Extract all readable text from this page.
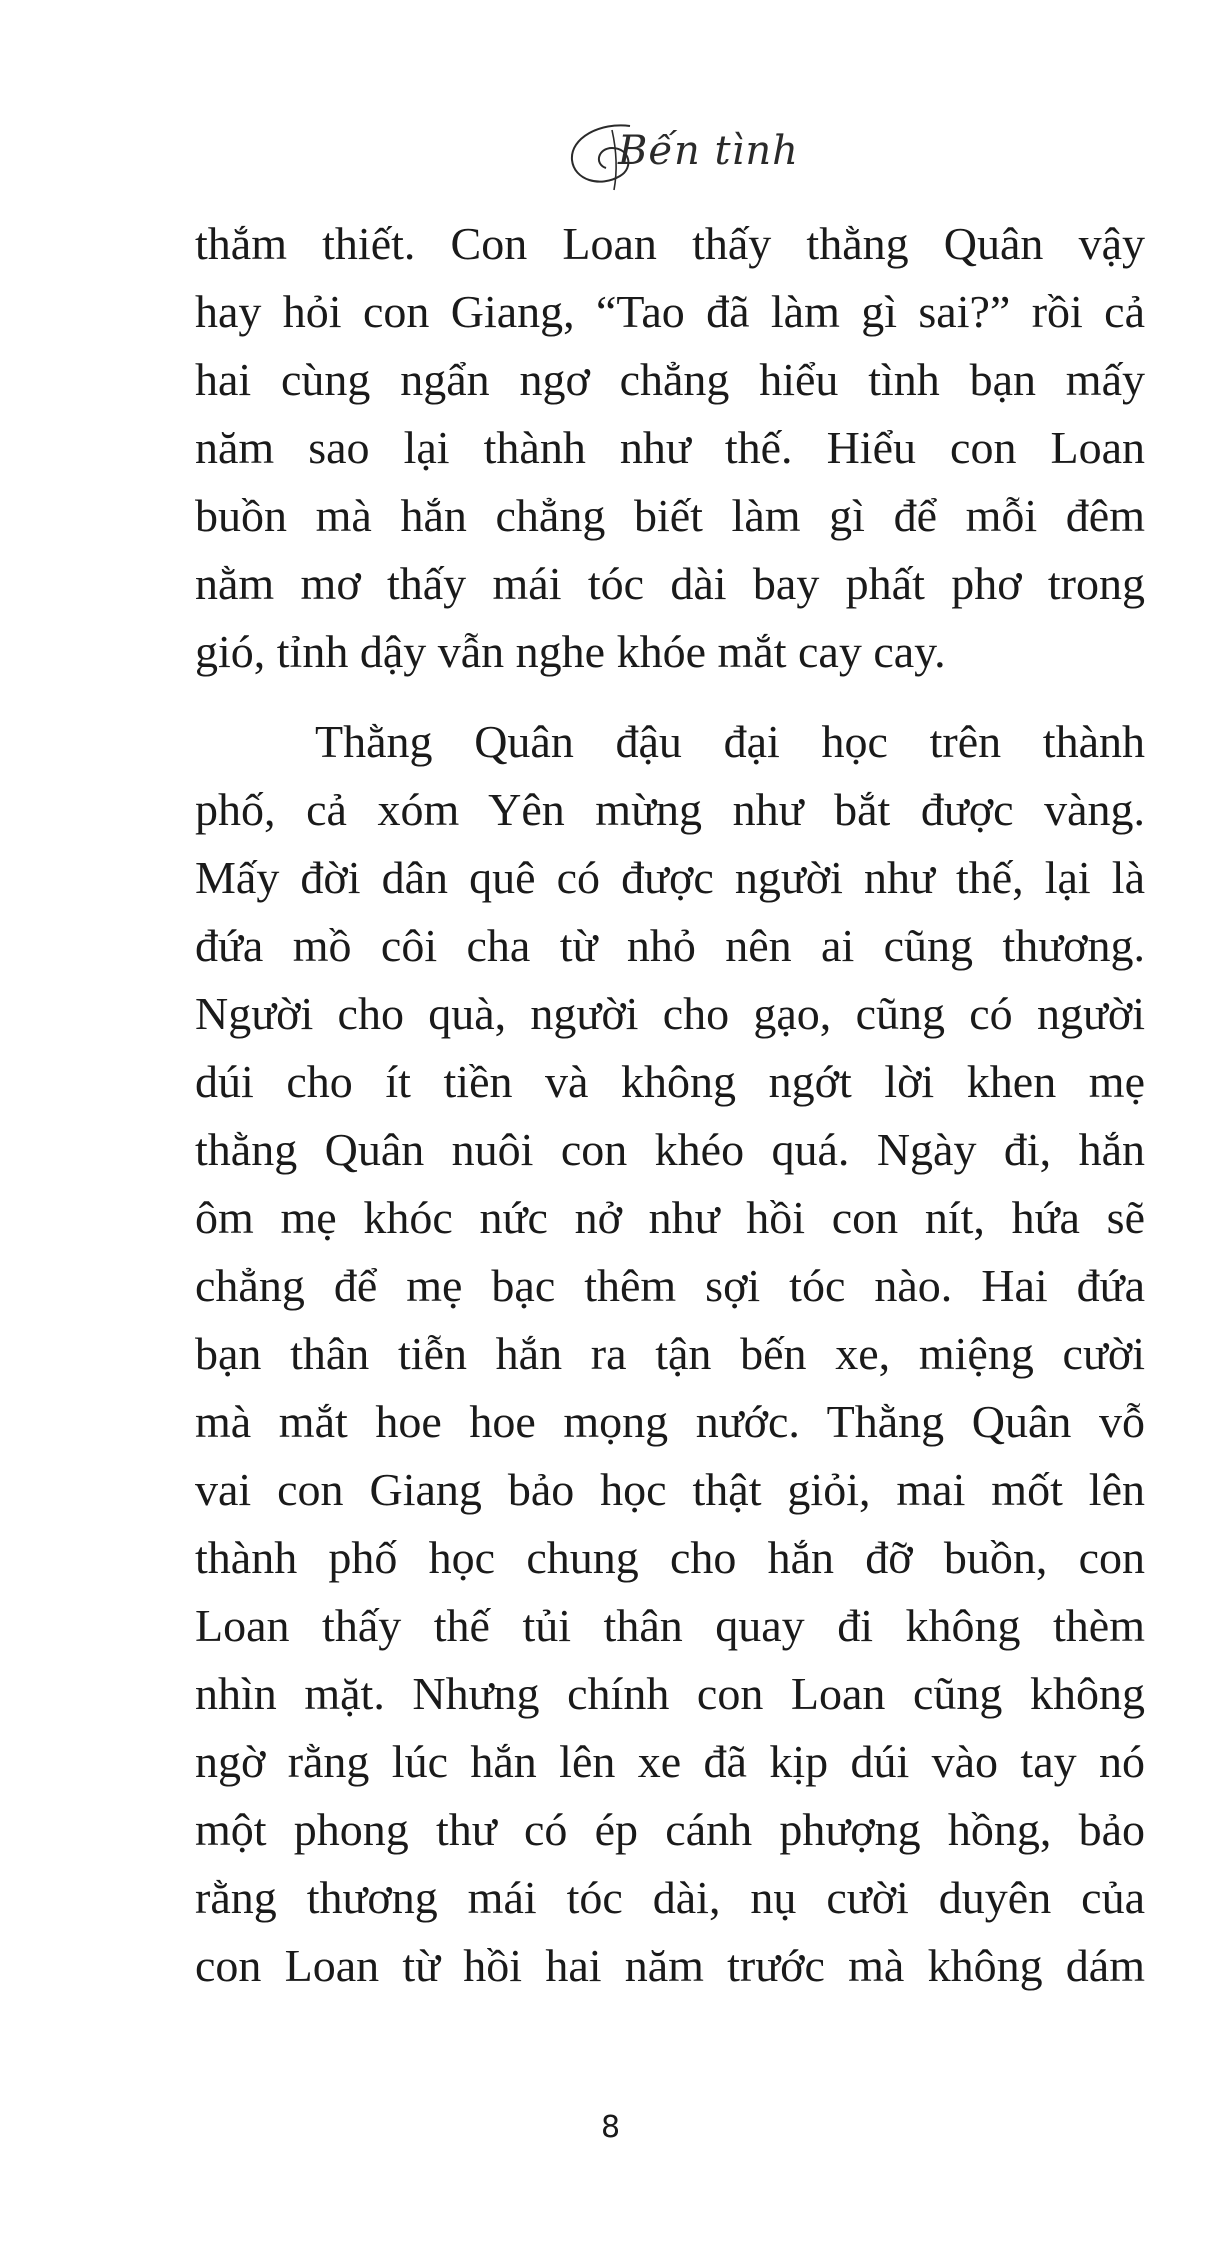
Bến tình
thắm thiết. Con Loan thấy thằng Quân vậy
hay hỏi con Giang, “Tao đã làm gì sai?” rồi cả
hai cùng ngẩn ngơ chẳng hiểu tình bạn mấy
năm sao lại thành như thế. Hiểu con Loan
buồn mà hắn chẳng biết làm gì để mỗi đêm
nằm mơ thấy mái tóc dài bay phất phơ trong
gió, tỉnh dậy vẫn nghe khóe mắt cay cay.
Thằng Quân đậu đại học trên thành
phố, cả xóm Yên mừng như bắt được vàng.
Mấy đời dân quê có được người như thế, lại là
đứa mồ côi cha từ nhỏ nên ai cũng thương.
Người cho quà, người cho gạo, cũng có người
dúi cho ít tiền và không ngớt lời khen mẹ
thằng Quân nuôi con khéo quá. Ngày đi, hắn
ôm mẹ khóc nức nở như hồi con nít, hứa sẽ
chẳng để mẹ bạc thêm sợi tóc nào. Hai đứa
bạn thân tiễn hắn ra tận bến xe, miệng cười
mà mắt hoe hoe mọng nước. Thằng Quân vỗ
vai con Giang bảo học thật giỏi, mai mốt lên
thành phố học chung cho hắn đỡ buồn, con
Loan thấy thế tủi thân quay đi không thèm
nhìn mặt. Nhưng chính con Loan cũng không
ngờ rằng lúc hắn lên xe đã kịp dúi vào tay nó
một phong thư có ép cánh phượng hồng, bảo
rằng thương mái tóc dài, nụ cười duyên của
con Loan từ hồi hai năm trước mà không dám
8
